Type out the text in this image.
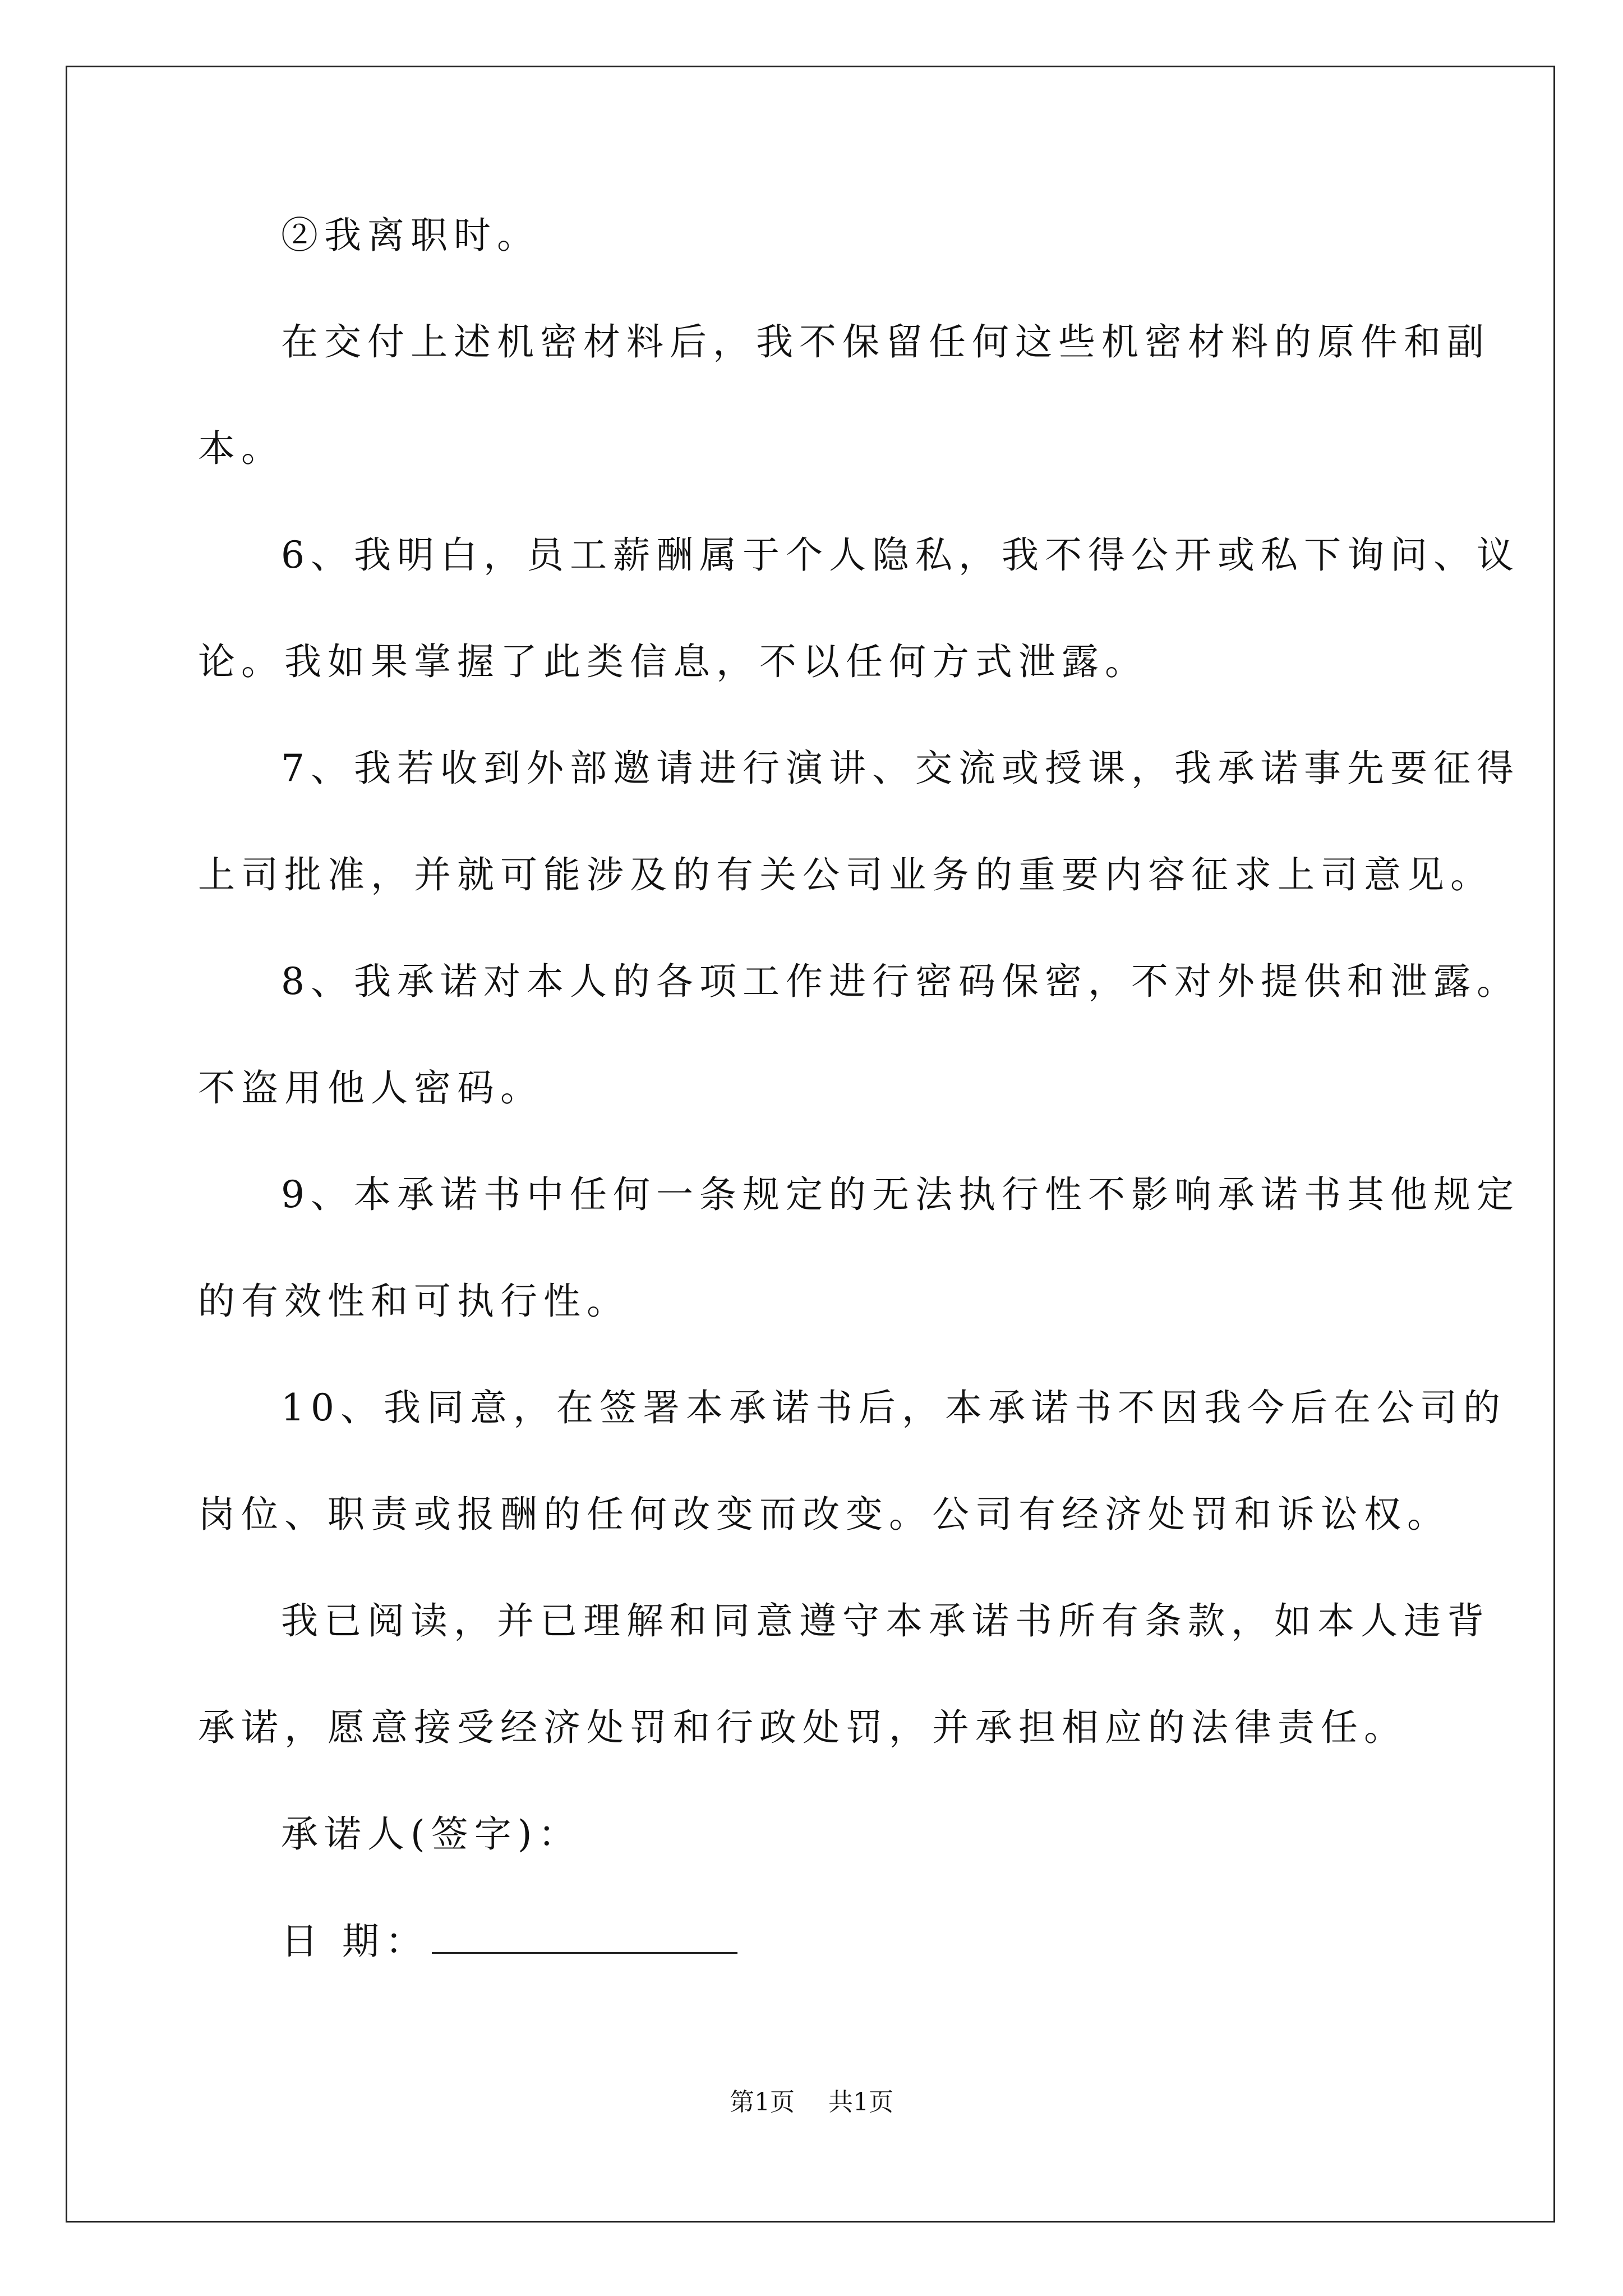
②我离职时。
在交付上述机密材料后，我不保留任何这些机密材料的原件和副
本。
6、我明白，员工薪酬属于个人隐私，我不得公开或私下询问、议
论。我如果掌握了此类信息，不以任何方式泄露。
7、我若收到外部邀请进行演讲、交流或授课，我承诺事先要征得
上司批准，并就可能涉及的有关公司业务的重要内容征求上司意见。
8、我承诺对本人的各项工作进行密码保密，不对外提供和泄露。
不盗用他人密码。
9、本承诺书中任何一条规定的无法执行性不影响承诺书其他规定
的有效性和可执行性。
10、我同意，在签署本承诺书后，本承诺书不因我今后在公司的
岗位、职责或报酬的任何改变而改变。公司有经济处罚和诉讼权。
我已阅读，并已理解和同意遵守本承诺书所有条款，如本人违背
承诺，愿意接受经济处罚和行政处罚，并承担相应的法律责任。
承诺人(签字)：
日 期：
第1页 共1页
